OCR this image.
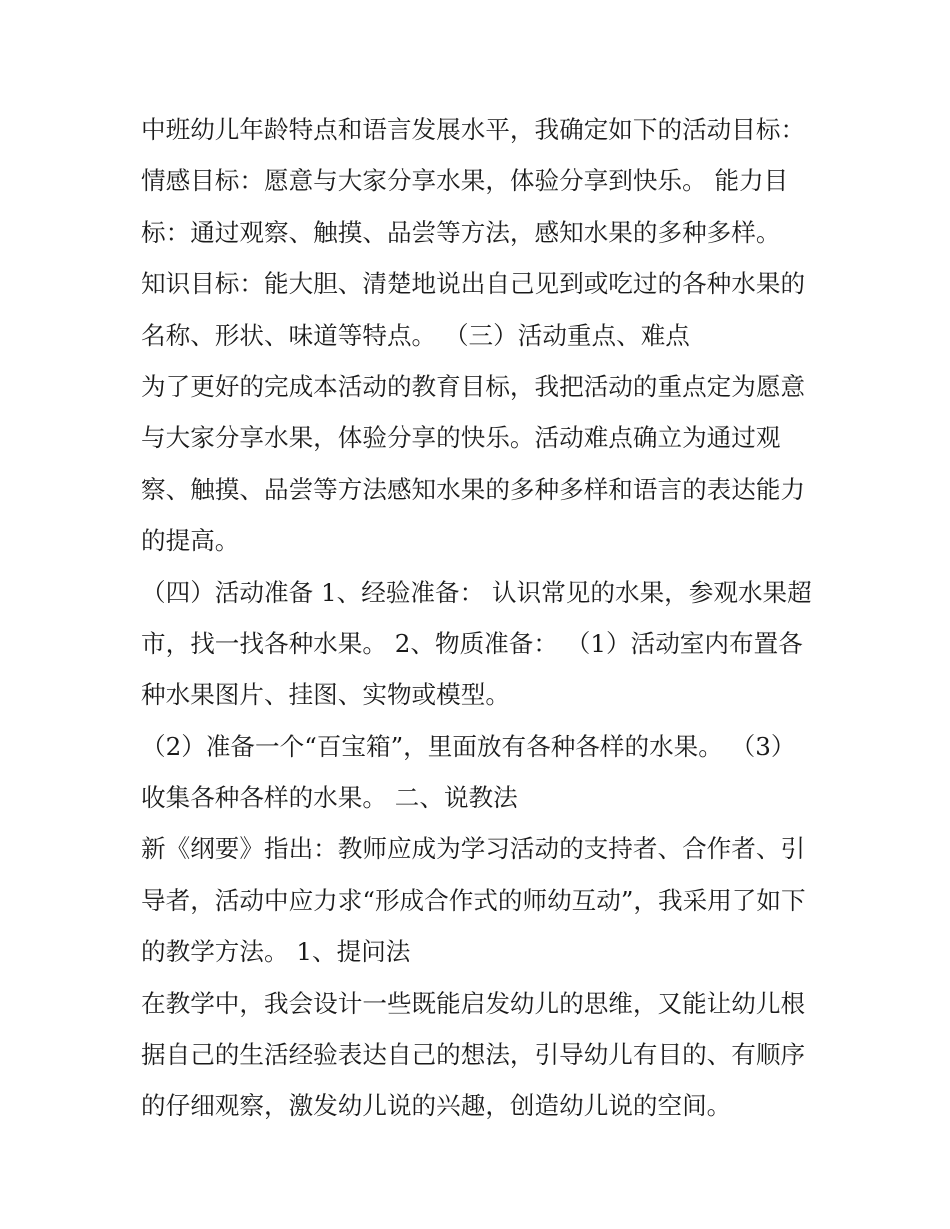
中班幼儿年龄特点和语言发展水平，我确定如下的活动目标：
情感目标：愿意与大家分享水果，体验分享到快乐。 能力目
标：通过观察、触摸、品尝等方法，感知水果的多种多样。
知识目标：能大胆、清楚地说出自己见到或吃过的各种水果的
名称、形状、味道等特点。 （三）活动重点、难点
为了更好的完成本活动的教育目标，我把活动的重点定为愿意
与大家分享水果，体验分享的快乐。活动难点确立为通过观
察、触摸、品尝等方法感知水果的多种多样和语言的表达能力
的提高。
（四）活动准备 1、经验准备： 认识常见的水果，参观水果超
市，找一找各种水果。 2、物质准备： （1）活动室内布置各
种水果图片、挂图、实物或模型。
（2）准备一个“百宝箱”，里面放有各种各样的水果。 （3）
收集各种各样的水果。 二、说教法
新《纲要》指出：教师应成为学习活动的支持者、合作者、引
导者，活动中应力求“形成合作式的师幼互动”，我采用了如下
的教学方法。 1、提问法
在教学中，我会设计一些既能启发幼儿的思维，又能让幼儿根
据自己的生活经验表达自己的想法，引导幼儿有目的、有顺序
的仔细观察，激发幼儿说的兴趣，创造幼儿说的空间。
